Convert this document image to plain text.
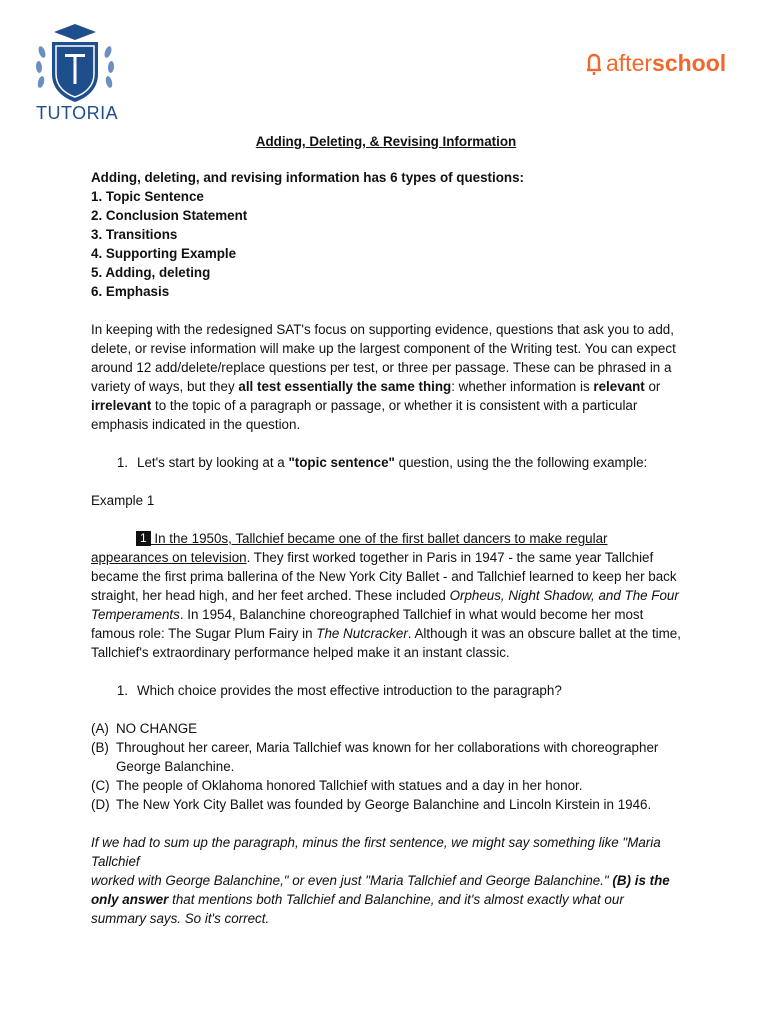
TUTORIA
after school

Adding, Deleting, & Revising Information

Adding, deleting, and revising information has 6 types of questions:

1. Topic Sentence

2. Conclusion Statement

3. Transitions

4. Supporting Example

5. Adding, deleting

6. Emphasis

In keeping with the redesigned SAT's focus on supporting evidence, questions that ask you to add, delete, or revise information will make up the largest component of the Writing test. You can expect around 12 add/delete/replace questions per test, or three per passage. These can be phrased in a variety of ways, but they all test essentially the same thing: whether information is relevant or irrelevant to the topic of a paragraph or passage, or whether it is consistent with a particular emphasis indicated in the question.

1. Let's start by looking at a "topic sentence" question, using the the following example:

Example 1

1 In the 1950s, Tallchief became one of the first ballet dancers to make regular appearances on television. They first worked together in Paris in 1947 - the same year Tallchief became the first prima ballerina of the New York City Ballet - and Tallchief learned to keep her back straight, her head high, and her feet arched. These included Orpheus, Night Shadow, and The Four Temperaments. In 1954, Balanchine choreographed Tallchief in what would become her most famous role: The Sugar Plum Fairy in The Nutcracker. Although it was an obscure ballet at the time, Tallchief's extraordinary performance helped make it an instant classic.

1. Which choice provides the most effective introduction to the paragraph?
(A) NO CHANGE
(B) Throughout her career, Maria Tallchief was known for her collaborations with choreographer George Balanchine.
(C) The people of Oklahoma honored Tallchief with statues and a day in her honor.
(D) The New York City Ballet was founded by George Balanchine and Lincoln Kirstein in 1946.

If we had to sum up the paragraph, minus the first sentence, we might say something like "Maria Tallchief
worked with George Balanchine," or even just "Maria Tallchief and George Balanchine." (B) is the only answer that mentions both Tallchief and Balanchine, and it's almost exactly what our summary says. So it's correct.
